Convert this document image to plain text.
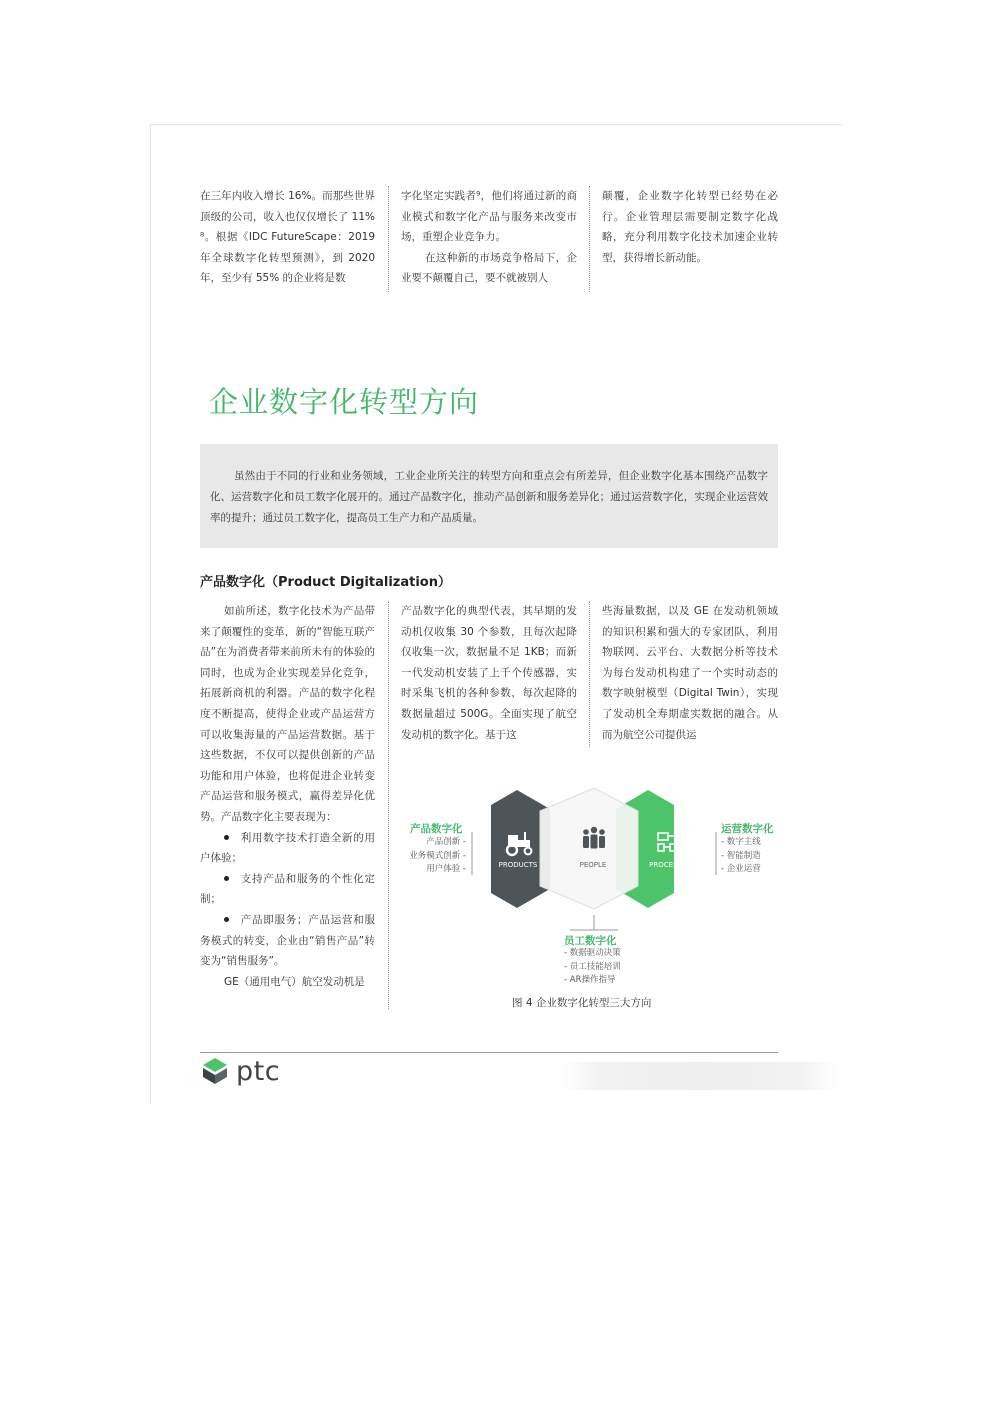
在三年内收入增长 16%。而那些世界顶级的公司，收入也仅仅增长了 11%⁸。根据《IDC FutureScape：2019 年全球数字化转型预测》，到 2020 年，至少有 55% 的企业将是数

字化坚定实践者⁹，他们将通过新的商业模式和数字化产品与服务来改变市场，重塑企业竞争力。

在这种新的市场竞争格局下，企业要不颠覆自己，要不就被别人

颠覆，企业数字化转型已经势在必行。企业管理层需要制定数字化战略，充分利用数字化技术加速企业转型，获得增长新动能。

企业数字化转型方向

虽然由于不同的行业和业务领域，工业企业所关注的转型方向和重点会有所差异，但企业数字化基本围绕产品数字化、运营数字化和员工数字化展开的。通过产品数字化，推动产品创新和服务差异化；通过运营数字化，实现企业运营效率的提升；通过员工数字化，提高员工生产力和产品质量。

产品数字化（Product Digitalization）

如前所述，数字化技术为产品带来了颠覆性的变革，新的“智能互联产品”在为消费者带来前所未有的体验的同时，也成为企业实现差异化竞争，拓展新商机的利器。产品的数字化程度不断提高，使得企业或产品运营方可以收集海量的产品运营数据。基于这些数据，不仅可以提供创新的产品功能和用户体验，也将促进企业转变产品运营和服务模式，赢得差异化优势。产品数字化主要表现为：

利用数字技术打造全新的用户体验；

支持产品和服务的个性化定制；

产品即服务；产品运营和服务模式的转变，企业由“销售产品”转变为“销售服务”。

GE（通用电气）航空发动机是

产品数字化的典型代表，其早期的发动机仅收集 30 个参数，且每次起降仅收集一次，数据量不足 1KB；而新一代发动机安装了上千个传感器，实时采集飞机的各种参数，每次起降的数据量超过 500G。全面实现了航空发动机的数字化。基于这

些海量数据，以及 GE 在发动机领域的知识积累和强大的专家团队，利用物联网、云平台、大数据分析等技术为每台发动机构建了一个实时动态的数字映射模型（Digital Twin），实现了发动机全寿期虚实数据的融合。从而为航空公司提供运

PRODUCTS	PEOPLE	PROCESSES
产品数字化
产品创新 -
业务模式创新 -
用户体验 -
运营数字化
- 数字主线
- 智能制造
- 企业运营
员工数字化
- 数据驱动决策
- 员工技能培训
- AR操作指导
图 4 企业数字化转型三大方向
ptc
